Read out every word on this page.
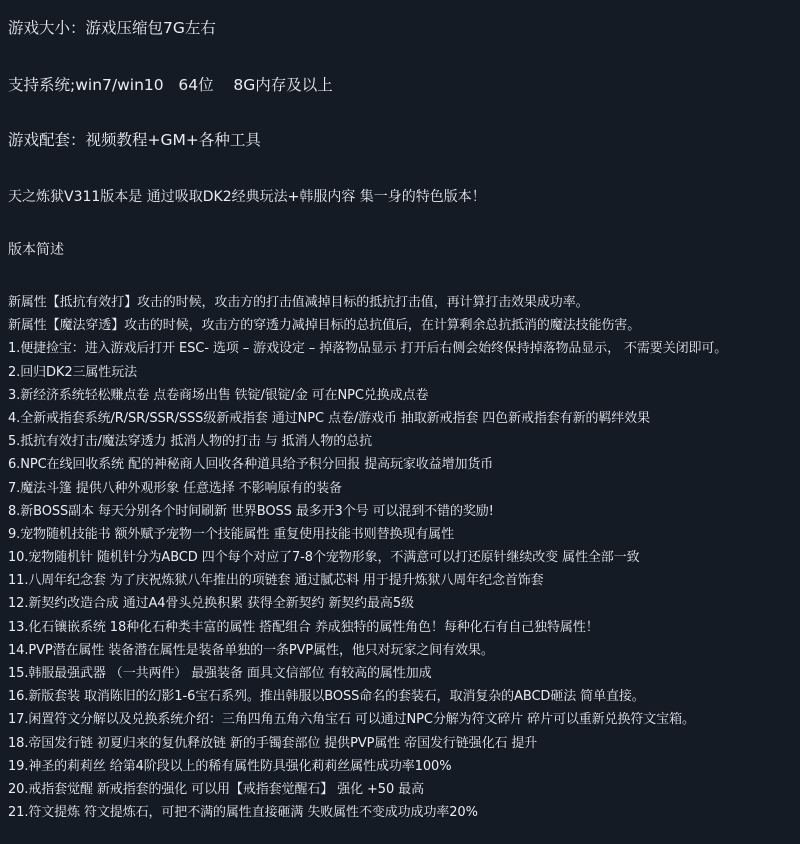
游戏大小：游戏压缩包7G左右
支持系统;win7/win10   64位    8G内存及以上
游戏配套：视频教程+GM+各种工具
天之炼狱V311版本是 通过吸取DK2经典玩法+韩服内容 集一身的特色版本！
版本简述
新属性【抵抗有效打】攻击的时候，攻击方的打击值减掉目标的抵抗打击值，再计算打击效果成功率。
新属性【魔法穿透】攻击的时候，攻击方的穿透力减掉目标的总抗值后，在计算剩余总抗抵消的魔法技能伤害。
1.便捷捡宝：进入游戏后打开 ESC- 选项 – 游戏设定 – 掉落物品显示 打开后右侧会始终保持掉落物品显示， 不需要关闭即可。
2.回归DK2三属性玩法
3.新经济系统轻松赚点卷 点卷商场出售 铁锭/银锭/金 可在NPC兑换成点卷
4.全新戒指套系统/R/SR/SSR/SSS级新戒指套 通过NPC 点卷/游戏币 抽取新戒指套 四色新戒指套有新的羁绊效果
5.抵抗有效打击/魔法穿透力 抵消人物的打击 与 抵消人物的总抗
6.NPC在线回收系统 配的神秘商人回收各种道具给予积分回报 提高玩家收益增加货币
7.魔法斗篷 提供八种外观形象 任意选择 不影响原有的装备
8.新BOSS副本 每天分别各个时间刷新 世界BOSS 最多开3个号 可以混到不错的奖励!
9.宠物随机技能书 额外赋予宠物一个技能属性 重复使用技能书则替换现有属性
10.宠物随机针 随机针分为ABCD 四个每个对应了7-8个宠物形象，不满意可以打还原针继续改变 属性全部一致
11.八周年纪念套 为了庆祝炼狱八年推出的项链套 通过膩芯料 用于提升炼狱八周年纪念首饰套
12.新契约改造合成 通过A4骨头兑换积累 获得全新契约 新契约最高5级
13.化石镶嵌系统 18种化石种类丰富的属性 搭配组合 养成独特的属性角色！每种化石有自己独特属性！
14.PVP潜在属性 装备潜在属性是装备单独的一条PVP属性，他只对玩家之间有效果。
15.韩服最强武器 （一共两件） 最强装备 面具文信部位 有较高的属性加成
16.新版套装 取消陈旧的幻影1-6宝石系列。推出韩服以BOSS命名的套装石，取消复杂的ABCD砸法 简单直接。
17.闲置符文分解以及兑换系统介绍：三角四角五角六角宝石 可以通过NPC分解为符文碎片 碎片可以重新兑换符文宝箱。
18.帝国发行链 初夏归来的复仇释放链 新的手镯套部位 提供PVP属性 帝国发行链强化石 提升
19.神圣的莉莉丝 给第4阶段以上的稀有属性防具强化莉莉丝属性成功率100%
20.戒指套觉醒 新戒指套的强化 可以用【戒指套觉醒石】 强化 +50 最高
21.符文提炼 符文提炼石，可把不满的属性直接砸满 失败属性不变成功成功率20%
